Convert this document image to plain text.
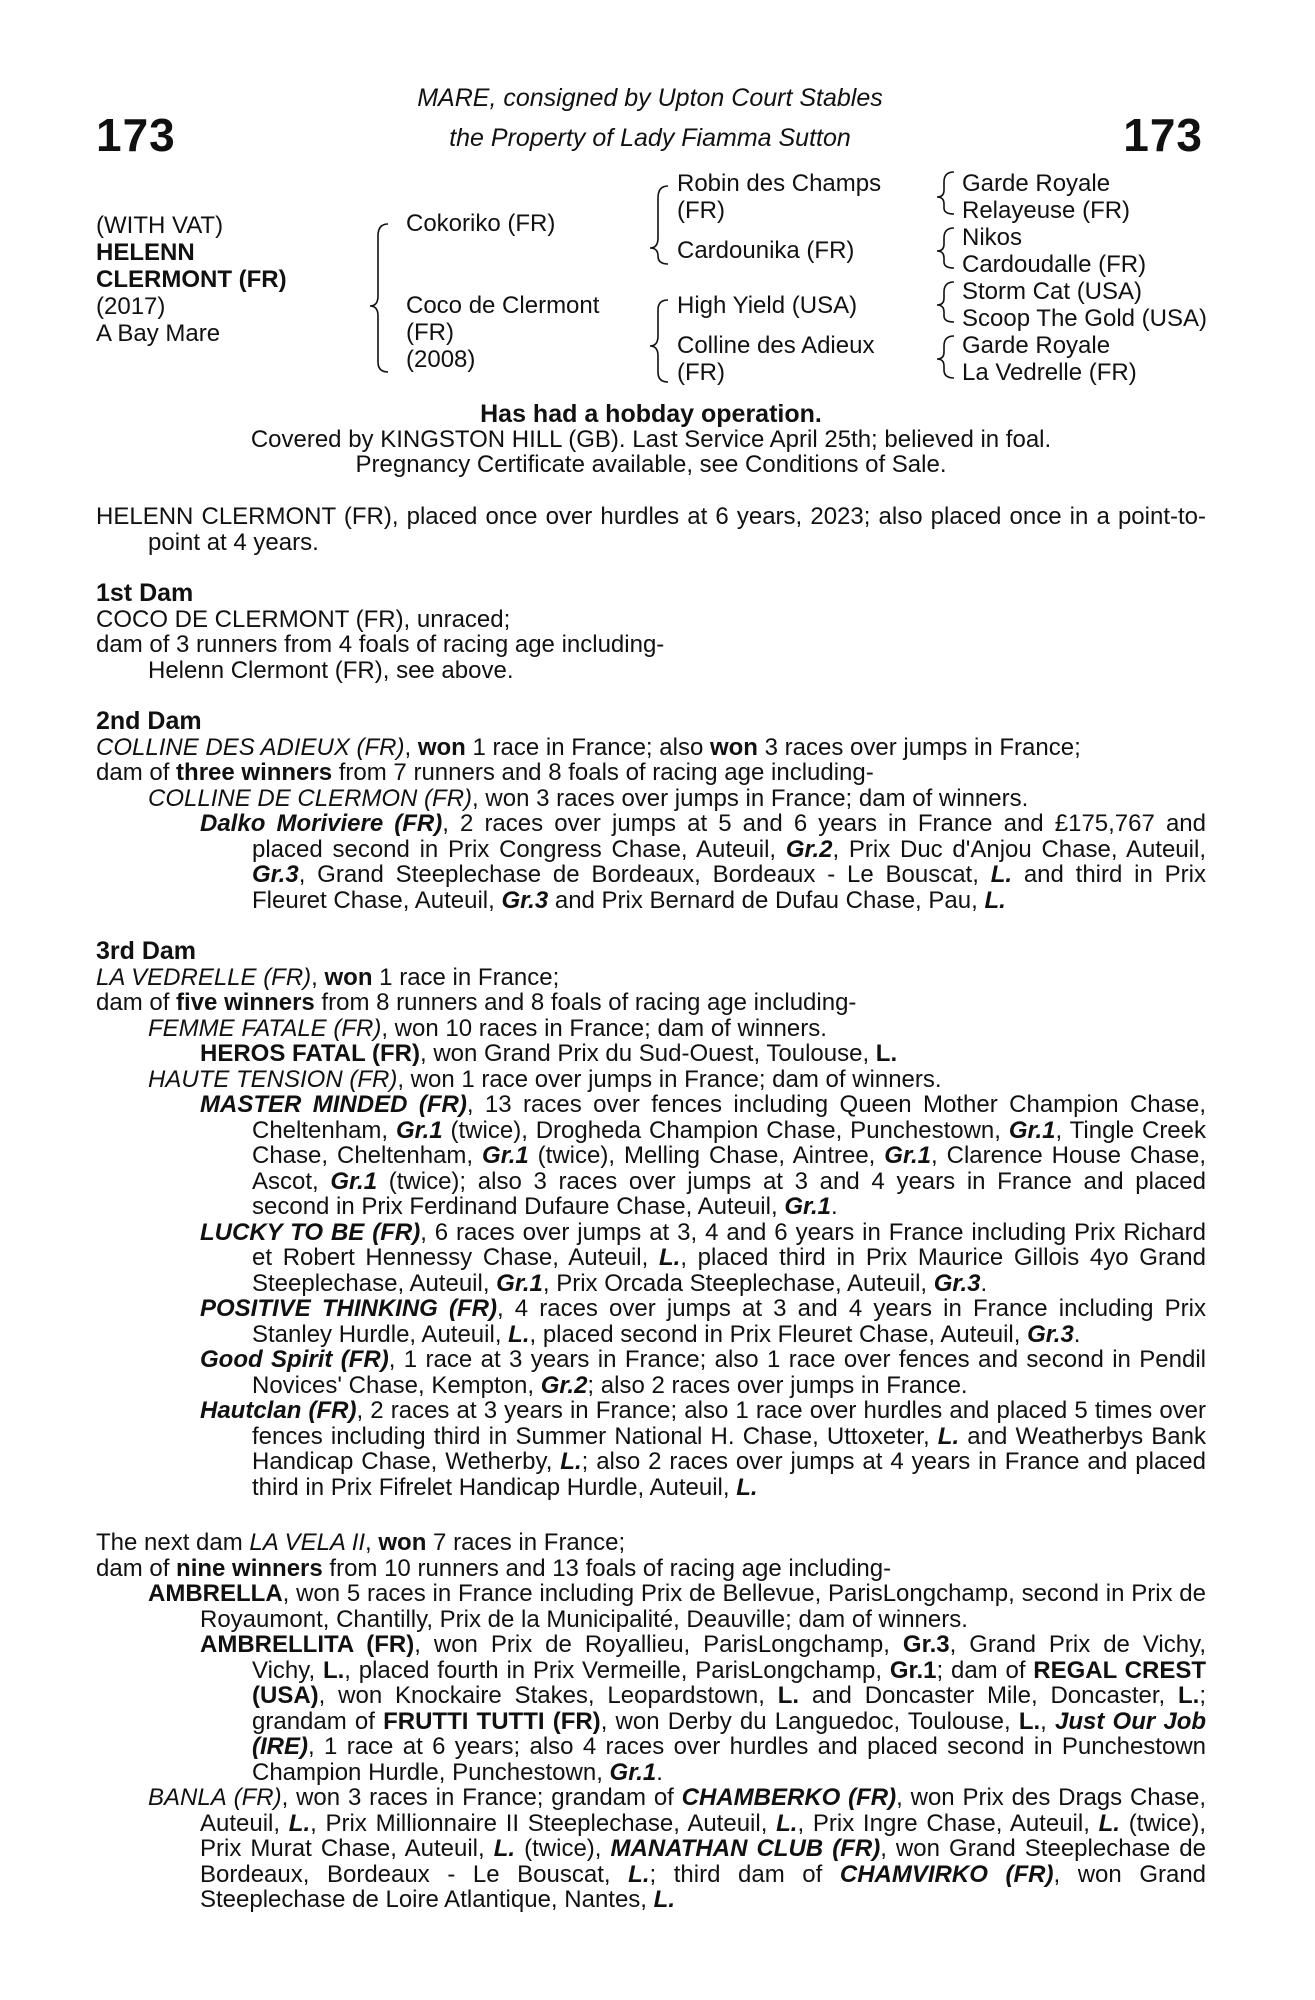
173	173
MARE, consigned by Upton Court Stables
the Property of Lady Fiamma Sutton
(WITH VAT)
HELENN
CLERMONT (FR)
(2017)
A Bay Mare
Cokoriko (FR)
Coco de Clermont
(FR)
(2008)
Robin des Champs
(FR)
Cardounika (FR)
High Yield (USA)
Colline des Adieux
(FR)
Garde Royale
Relayeuse (FR)
Nikos
Cardoudalle (FR)
Storm Cat (USA)
Scoop The Gold (USA)
Garde Royale
La Vedrelle (FR)
Has had a hobday operation.
Covered by KINGSTON HILL (GB). Last Service April 25th; believed in foal.
Pregnancy Certificate available, see Conditions of Sale.
HELENN CLERMONT (FR), placed once over hurdles at 6 years, 2023; also placed once in a point-to-point at 4 years.
1st Dam
COCO DE CLERMONT (FR), unraced;
dam of 3 runners from 4 foals of racing age including-
Helenn Clermont (FR), see above.
2nd Dam
COLLINE DES ADIEUX (FR), won 1 race in France; also won 3 races over jumps in France;
dam of three winners from 7 runners and 8 foals of racing age including-
COLLINE DE CLERMON (FR), won 3 races over jumps in France; dam of winners.
Dalko Moriviere (FR), 2 races over jumps at 5 and 6 years in France and £175,767 and placed second in Prix Congress Chase, Auteuil, Gr.2, Prix Duc d'Anjou Chase, Auteuil, Gr.3, Grand Steeplechase de Bordeaux, Bordeaux - Le Bouscat, L. and third in Prix Fleuret Chase, Auteuil, Gr.3 and Prix Bernard de Dufau Chase, Pau, L.
3rd Dam
LA VEDRELLE (FR), won 1 race in France;
dam of five winners from 8 runners and 8 foals of racing age including-
FEMME FATALE (FR), won 10 races in France; dam of winners.
HEROS FATAL (FR), won Grand Prix du Sud-Ouest, Toulouse, L.
HAUTE TENSION (FR), won 1 race over jumps in France; dam of winners.
MASTER MINDED (FR), 13 races over fences including Queen Mother Champion Chase, Cheltenham, Gr.1 (twice), Drogheda Champion Chase, Punchestown, Gr.1, Tingle Creek Chase, Cheltenham, Gr.1 (twice), Melling Chase, Aintree, Gr.1, Clarence House Chase, Ascot, Gr.1 (twice); also 3 races over jumps at 3 and 4 years in France and placed second in Prix Ferdinand Dufaure Chase, Auteuil, Gr.1.
LUCKY TO BE (FR), 6 races over jumps at 3, 4 and 6 years in France including Prix Richard et Robert Hennessy Chase, Auteuil, L., placed third in Prix Maurice Gillois 4yo Grand Steeplechase, Auteuil, Gr.1, Prix Orcada Steeplechase, Auteuil, Gr.3.
POSITIVE THINKING (FR), 4 races over jumps at 3 and 4 years in France including Prix Stanley Hurdle, Auteuil, L., placed second in Prix Fleuret Chase, Auteuil, Gr.3.
Good Spirit (FR), 1 race at 3 years in France; also 1 race over fences and second in Pendil Novices' Chase, Kempton, Gr.2; also 2 races over jumps in France.
Hautclan (FR), 2 races at 3 years in France; also 1 race over hurdles and placed 5 times over fences including third in Summer National H. Chase, Uttoxeter, L. and Weatherbys Bank Handicap Chase, Wetherby, L.; also 2 races over jumps at 4 years in France and placed third in Prix Fifrelet Handicap Hurdle, Auteuil, L.
The next dam LA VELA II, won 7 races in France;
dam of nine winners from 10 runners and 13 foals of racing age including-
AMBRELLA, won 5 races in France including Prix de Bellevue, ParisLongchamp, second in Prix de Royaumont, Chantilly, Prix de la Municipalité, Deauville; dam of winners.
AMBRELLITA (FR), won Prix de Royallieu, ParisLongchamp, Gr.3, Grand Prix de Vichy, Vichy, L., placed fourth in Prix Vermeille, ParisLongchamp, Gr.1; dam of REGAL CREST (USA), won Knockaire Stakes, Leopardstown, L. and Doncaster Mile, Doncaster, L.; grandam of FRUTTI TUTTI (FR), won Derby du Languedoc, Toulouse, L., Just Our Job (IRE), 1 race at 6 years; also 4 races over hurdles and placed second in Punchestown Champion Hurdle, Punchestown, Gr.1.
BANLA (FR), won 3 races in France; grandam of CHAMBERKO (FR), won Prix des Drags Chase, Auteuil, L., Prix Millionnaire II Steeplechase, Auteuil, L., Prix Ingre Chase, Auteuil, L. (twice), Prix Murat Chase, Auteuil, L. (twice), MANATHAN CLUB (FR), won Grand Steeplechase de Bordeaux, Bordeaux - Le Bouscat, L.; third dam of CHAMVIRKO (FR), won Grand Steeplechase de Loire Atlantique, Nantes, L.
